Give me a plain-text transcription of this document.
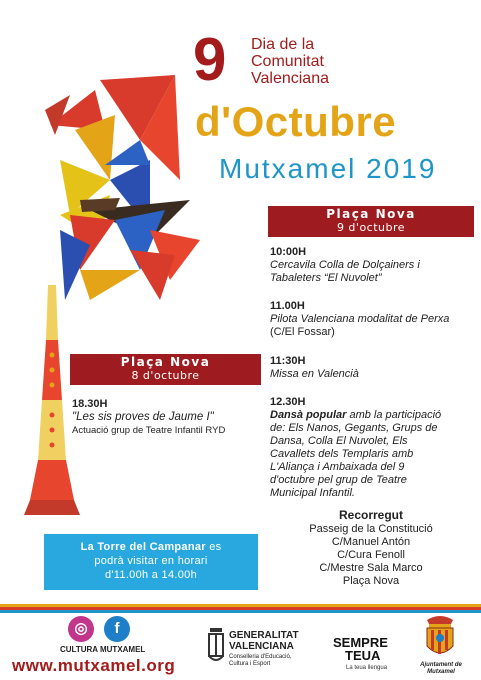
9 Dia de la
Comunitat
Valenciana
d'Octubre
Mutxamel 2019
Plaça Nova
9 d'octubre
10:00H
Cercavila Colla de Dolçainers i
Tabaleters “El Nuvolet”
11.00H
Pilota Valenciana modalitat de Perxa
(C/El Fossar)
11:30H
Missa en Valencià
12.30H
Dansà popular amb la participació
de: Els Nanos, Gegants, Grups de
Dansa, Colla El Nuvolet, Els
Cavallets dels Templaris amb
L'Aliança i Ambaixada del 9
d'octubre pel grup de Teatre
Municipal Infantil.
Recorregut
Passeig de la Constitució
C/Manuel Antón
C/Cura Fenoll
C/Mestre Sala Marco
Plaça Nova
Plaça Nova
8 d'octubre
18.30H
"Les sis proves de Jaume I"
Actuació grup de Teatre Infantil RYD
La Torre del Campanar es
podrà visitar en horari
d'11.00h a 14.00h
◎	f
CULTURA MUTXAMEL
www.mutxamel.org
GENERALITAT
VALENCIANA
Conselleria d'Educació,
Cultura i Esport
SEMPRE
TEUA
La teua llengua	Ajuntament de
Mutxamel
